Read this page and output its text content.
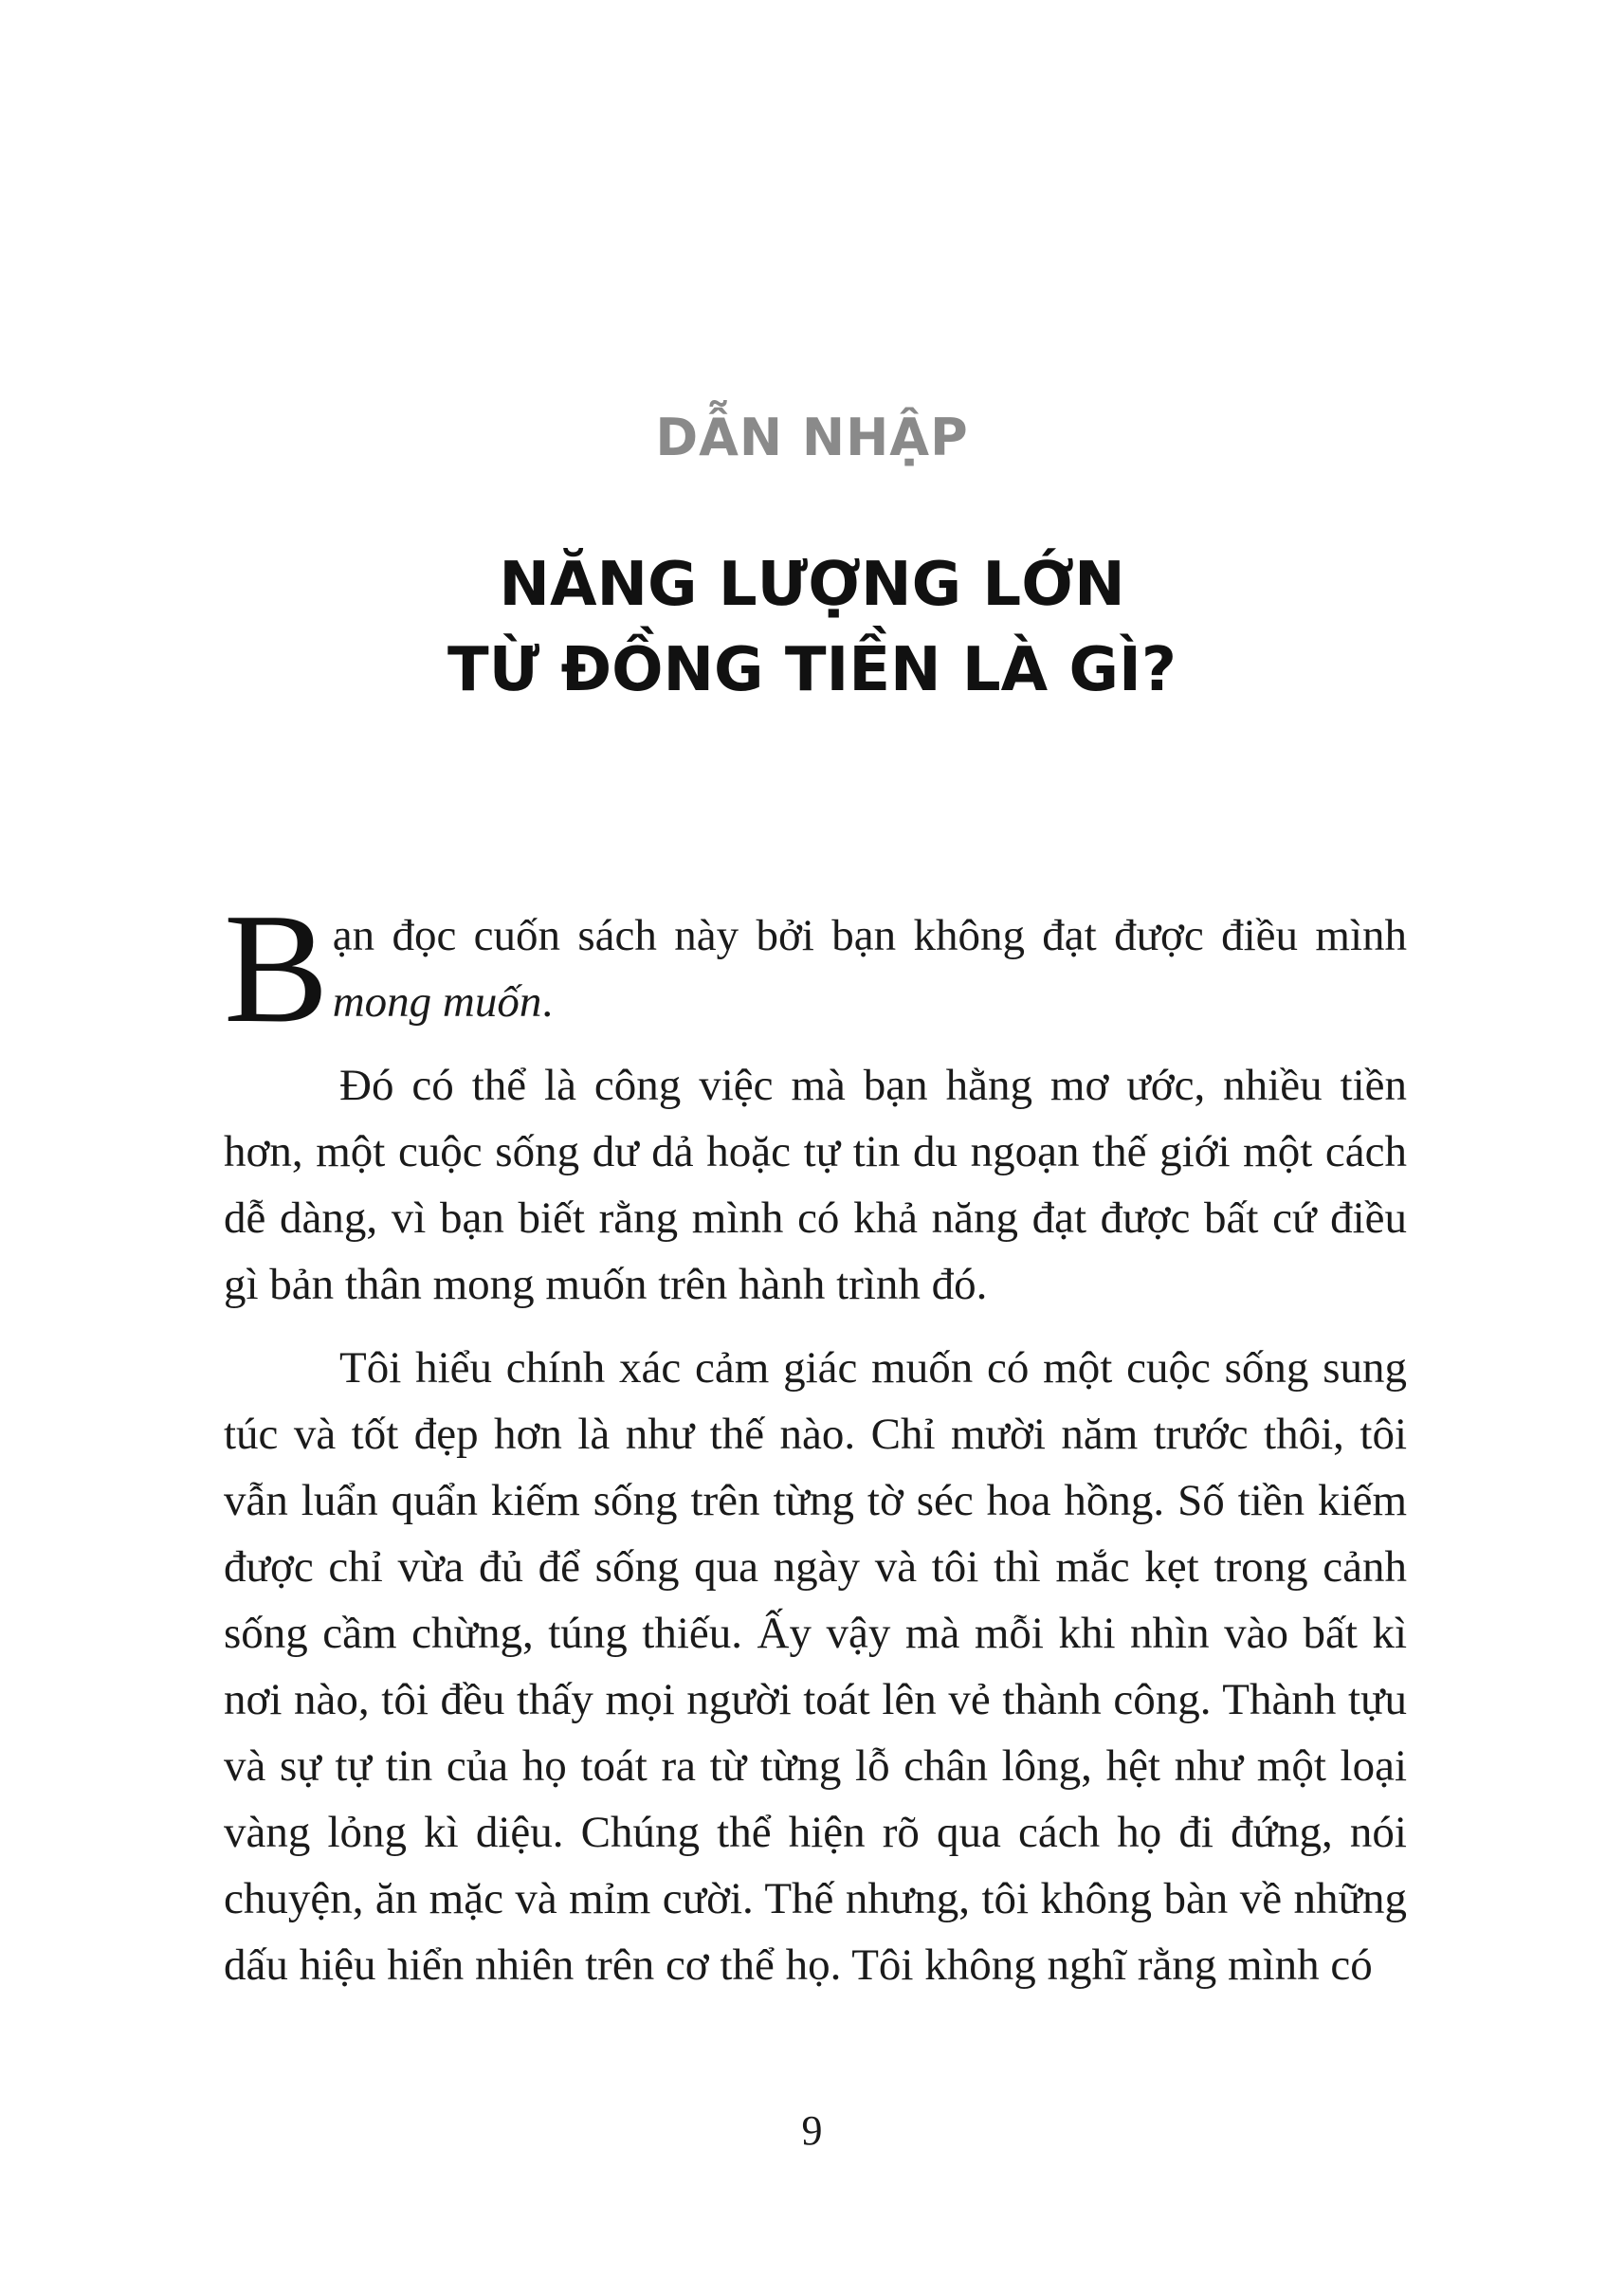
DẪN NHẬP
NĂNG LƯỢNG LỚN
TỪ ĐỒNG TIỀN LÀ GÌ?

Bạn đọc cuốn sách này bởi bạn không đạt được điều mình mong muốn.

Đó có thể là công việc mà bạn hằng mơ ước, nhiều tiền hơn, một cuộc sống dư dả hoặc tự tin du ngoạn thế giới một cách dễ dàng, vì bạn biết rằng mình có khả năng đạt được bất cứ điều gì bản thân mong muốn trên hành trình đó.

Tôi hiểu chính xác cảm giác muốn có một cuộc sống sung túc và tốt đẹp hơn là như thế nào. Chỉ mười năm trước thôi, tôi vẫn luẩn quẩn kiếm sống trên từng tờ séc hoa hồng. Số tiền kiếm được chỉ vừa đủ để sống qua ngày và tôi thì mắc kẹt trong cảnh sống cầm chừng, túng thiếu. Ấy vậy mà mỗi khi nhìn vào bất kì nơi nào, tôi đều thấy mọi người toát lên vẻ thành công. Thành tựu và sự tự tin của họ toát ra từ từng lỗ chân lông, hệt như một loại vàng lỏng kì diệu. Chúng thể hiện rõ qua cách họ đi đứng, nói chuyện, ăn mặc và mỉm cười. Thế nhưng, tôi không bàn về những dấu hiệu hiển nhiên trên cơ thể họ. Tôi không nghĩ rằng mình có

9
